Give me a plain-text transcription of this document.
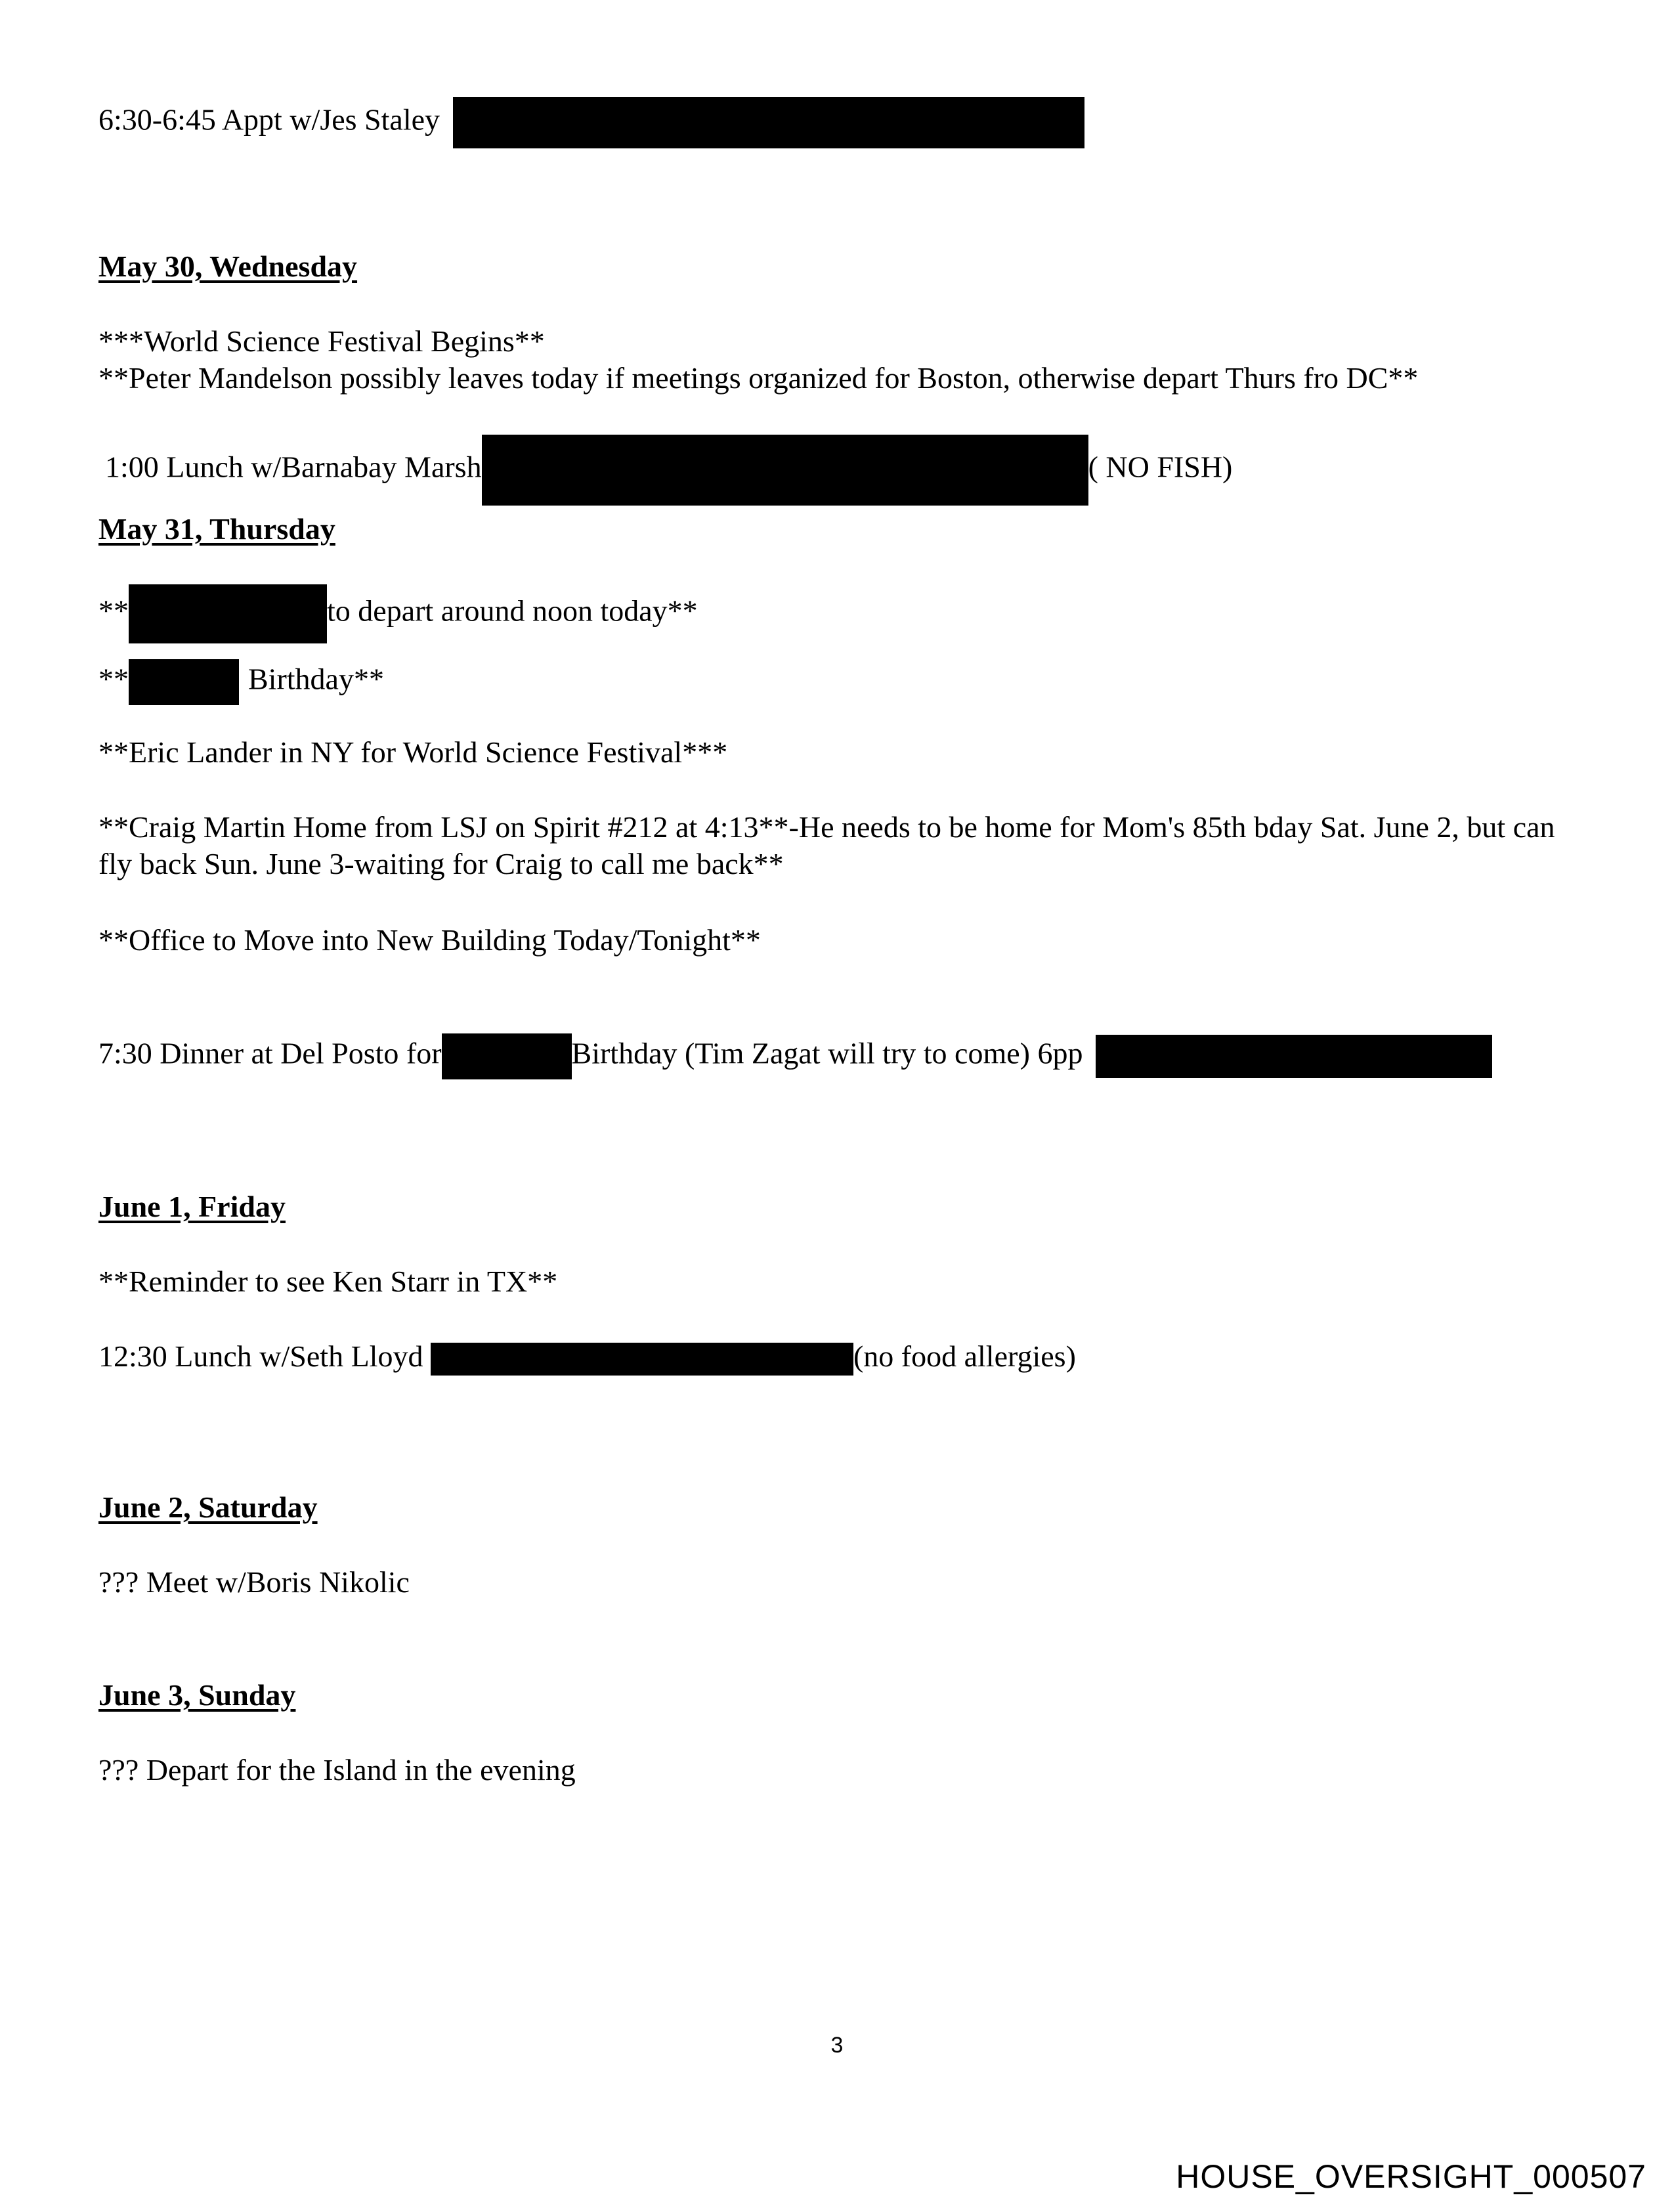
6:30-6:45 Appt w/Jes Staley
May 30, Wednesday
***World Science Festival Begins**
**Peter Mandelson possibly leaves today if meetings organized for Boston, otherwise depart Thurs fro DC**
1:00 Lunch w/Barnabay Marsh	( NO FISH)
May 31, Thursday
**	to depart around noon today**
**	Birthday**
**Eric Lander in NY for World Science Festival***
**Craig Martin Home from LSJ on Spirit #212 at 4:13**-He needs to be home for Mom's 85th bday Sat. June 2, but can fly back Sun. June 3-waiting for Craig to call me back**
**Office to Move into New Building Today/Tonight**
7:30 Dinner at Del Posto for	Birthday (Tim Zagat will try to come) 6pp
June 1, Friday
**Reminder to see Ken Starr in TX**
12:30 Lunch w/Seth Lloyd	(no food allergies)
June 2, Saturday
??? Meet w/Boris Nikolic
June 3, Sunday
??? Depart for the Island in the evening
3
HOUSE_OVERSIGHT_000507
